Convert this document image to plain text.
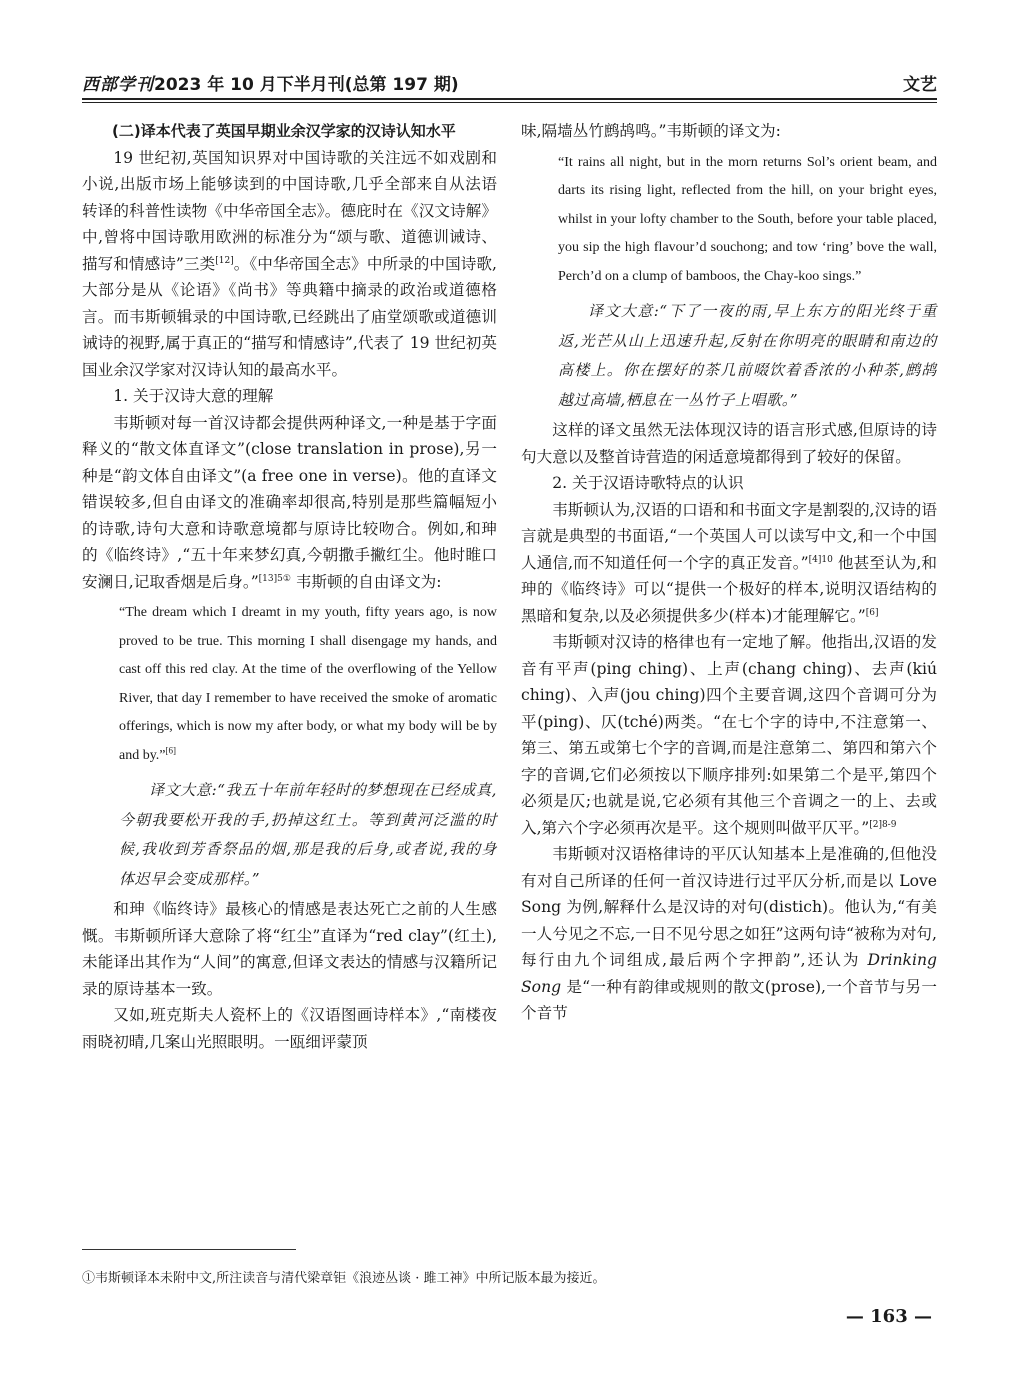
西部学刊2023 年 10 月下半月刊(总第 197 期)	文艺

(二)译本代表了英国早期业余汉学家的汉诗认知水平

19 世纪初,英国知识界对中国诗歌的关注远不如戏剧和小说,出版市场上能够读到的中国诗歌,几乎全部来自从法语转译的科普性读物《中华帝国全志》。德庇时在《汉文诗解》中,曾将中国诗歌用欧洲的标准分为“颂与歌、道德训诫诗、描写和情感诗”三类[12]。《中华帝国全志》中所录的中国诗歌,大部分是从《论语》《尚书》等典籍中摘录的政治或道德格言。而韦斯顿辑录的中国诗歌,已经跳出了庙堂颂歌或道德训诫诗的视野,属于真正的“描写和情感诗”,代表了 19 世纪初英国业余汉学家对汉诗认知的最高水平。

1. 关于汉诗大意的理解

韦斯顿对每一首汉诗都会提供两种译文,一种是基于字面释义的“散文体直译文”(close translation in prose),另一种是“韵文体自由译文”(a free one in verse)。他的直译文错误较多,但自由译文的准确率却很高,特别是那些篇幅短小的诗歌,诗句大意和诗歌意境都与原诗比较吻合。例如,和珅的《临终诗》,“五十年来梦幻真,今朝撒手撇红尘。他时睢口安澜日,记取香烟是后身。”$^{[13]5①}$ 韦斯顿的自由译文为:

“The dream which I dreamt in my youth, fifty years ago, is now proved to be true. This morning I shall disengage my hands, and cast off this red clay. At the time of the overflowing of the Yellow River, that day I remember to have received the smoke of aromatic offerings, which is now my after body, or what my body will be by and by.”[6]

译文大意:“我五十年前年轻时的梦想现在已经成真,今朝我要松开我的手,扔掉这红土。等到黄河泛滥的时候,我收到芳香祭品的烟,那是我的后身,或者说,我的身体迟早会变成那样。”

和珅《临终诗》最核心的情感是表达死亡之前的人生感慨。韦斯顿所译大意除了将“红尘”直译为“red clay”(红土),未能译出其作为“人间”的寓意,但译文表达的情感与汉籍所记录的原诗基本一致。

又如,班克斯夫人瓷杯上的《汉语图画诗样本》,“南楼夜雨晓初晴,几案山光照眼明。一瓯细评蒙顶

味,隔墙丛竹鹧鸪鸣。”韦斯顿的译文为:

“It rains all night, but in the morn returns Sol’s orient beam, and darts its rising light, reflected from the hill, on your bright eyes, whilst in your lofty chamber to the South, before your table placed, you sip the high flavour’d souchong; and tow ‘ring’ bove the wall, Perch’d on a clump of bamboos, the Chay-koo sings.”

译文大意:“下了一夜的雨,早上东方的阳光终于重返,光芒从山上迅速升起,反射在你明亮的眼睛和南边的高楼上。你在摆好的茶几前啜饮着香浓的小种茶,鹧鸪越过高墙,栖息在一丛竹子上唱歌。”

这样的译文虽然无法体现汉诗的语言形式感,但原诗的诗句大意以及整首诗营造的闲适意境都得到了较好的保留。

2. 关于汉语诗歌特点的认识

韦斯顿认为,汉语的口语和和书面文字是割裂的,汉诗的语言就是典型的书面语,“一个英国人可以读写中文,和一个中国人通信,而不知道任何一个字的真正发音。”$^{[4]10}$ 他甚至认为,和珅的《临终诗》可以“提供一个极好的样本,说明汉语结构的黑暗和复杂,以及必须提供多少(样本)才能理解它。”[6]

韦斯顿对汉诗的格律也有一定地了解。他指出,汉语的发音有平声(ping ching)、上声(chang ching)、去声(kiú ching)、入声(jou ching)四个主要音调,这四个音调可分为平(ping)、仄(tché)两类。“在七个字的诗中,不注意第一、第三、第五或第七个字的音调,而是注意第二、第四和第六个字的音调,它们必须按以下顺序排列:如果第二个是平,第四个必须是仄;也就是说,它必须有其他三个音调之一的上、去或入,第六个字必须再次是平。这个规则叫做平仄平。”$^{[2]8-9}$

韦斯顿对汉语格律诗的平仄认知基本上是准确的,但他没有对自己所译的任何一首汉诗进行过平仄分析,而是以 Love Song 为例,解释什么是汉诗的对句(distich)。他认为,“有美一人兮见之不忘,一日不见兮思之如狂”这两句诗“被称为对句,每行由九个词组成,最后两个字押韵”,还认为 Drinking Song 是“一种有韵律或规则的散文(prose),一个音节与另一个音节

①韦斯顿译本未附中文,所注读音与清代梁章钜《浪迹丛谈 · 雎工神》中所记版本最为接近。
— 163 —
